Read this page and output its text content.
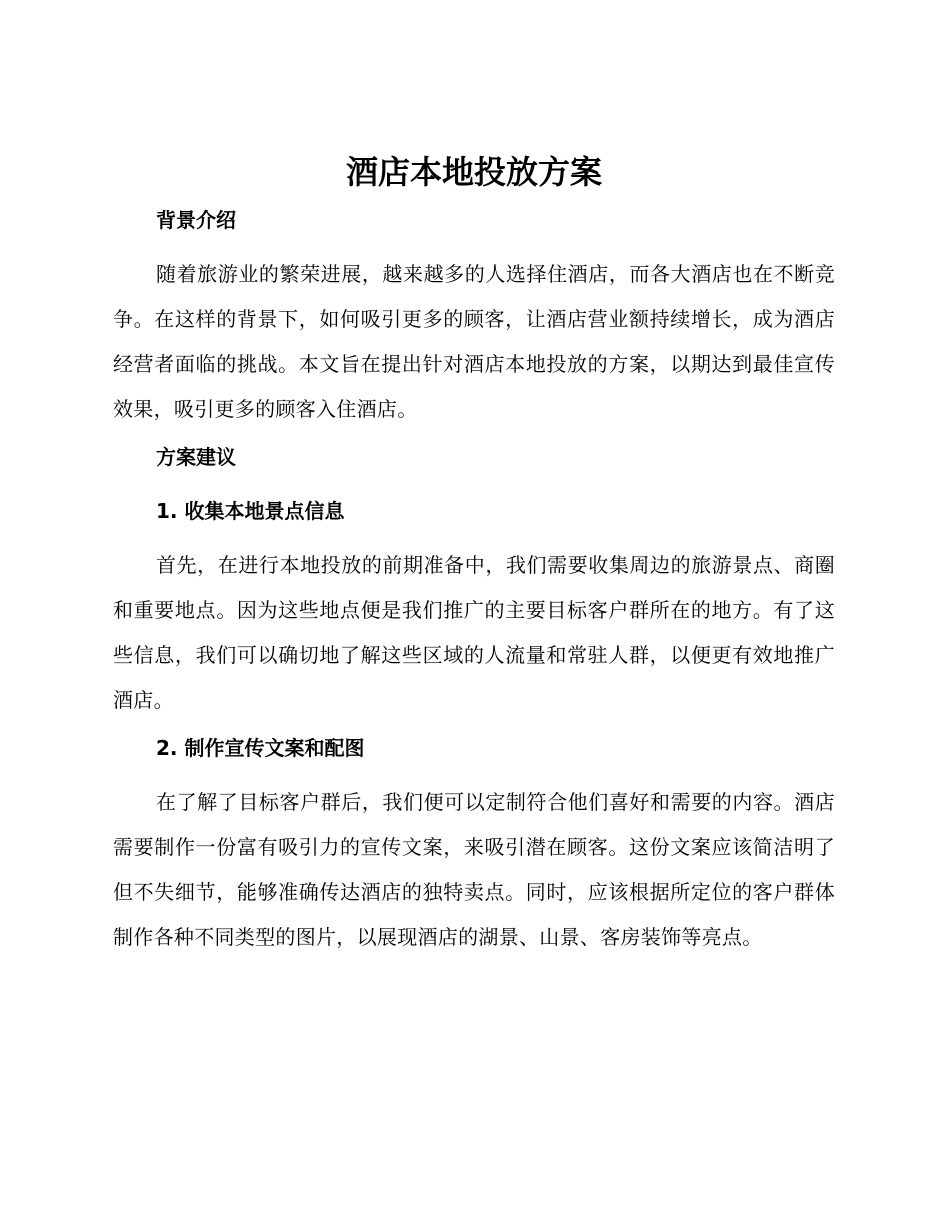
酒店本地投放方案
背景介绍

随着旅游业的繁荣进展，越来越多的人选择住酒店，而各大酒店也在不断竞争。在这样的背景下，如何吸引更多的顾客，让酒店营业额持续增长，成为酒店经营者面临的挑战。本文旨在提出针对酒店本地投放的方案，以期达到最佳宣传效果，吸引更多的顾客入住酒店。

方案建议
1. 收集本地景点信息

首先，在进行本地投放的前期准备中，我们需要收集周边的旅游景点、商圈和重要地点。因为这些地点便是我们推广的主要目标客户群所在的地方。有了这些信息，我们可以确切地了解这些区域的人流量和常驻人群，以便更有效地推广酒店。

2. 制作宣传文案和配图

在了解了目标客户群后，我们便可以定制符合他们喜好和需要的内容。酒店需要制作一份富有吸引力的宣传文案，来吸引潜在顾客。这份文案应该简洁明了但不失细节，能够准确传达酒店的独特卖点。同时，应该根据所定位的客户群体制作各种不同类型的图片，以展现酒店的湖景、山景、客房装饰等亮点。
